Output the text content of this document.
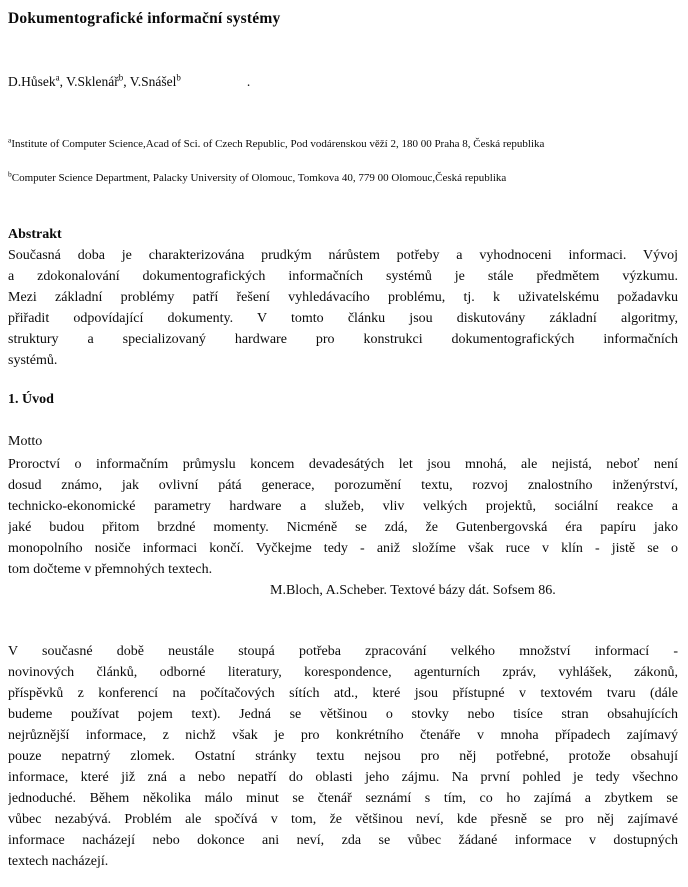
Dokumentografické informační systémy

D.Hůsek$^a$, V.Sklenář$^b$, V.Snášel$^b$	.

$^a$Institute of Computer Science,Acad of Sci. of Czech Republic, Pod vodárenskou věží 2, 180 00 Praha 8, Česká republika

$^b$Computer Science Department, Palacky University of Olomouc, Tomkova 40, 779 00 Olomouc,Česká republika

Abstrakt
Současná doba je charakterizována prudkým nárůstem potřeby a vyhodnoceni informaci. Vývoj
a zdokonalování dokumentografických informačních systémů je stále předmětem výzkumu.
Mezi základní problémy patří řešení vyhledávacího problému, tj. k uživatelskému požadavku
přiřadit odpovídající dokumenty. V tomto článku jsou diskutovány základní algoritmy,
struktury a specializovaný hardware pro konstrukci dokumentografických informačních
systémů.
1. Úvod

Motto

Proroctví o informačním průmyslu koncem devadesátých let jsou mnohá, ale nejistá, neboť není
dosud známo, jak ovlivní pátá generace, porozumění textu, rozvoj znalostního inženýrství,
technicko-ekonomické parametry hardware a služeb, vliv velkých projektů, sociální reakce a
jaké budou přitom brzdné momenty. Nicméně se zdá, že Gutenbergovská éra papíru jako
monopolního nosiče informaci končí. Vyčkejme tedy - aniž složíme však ruce v klín - jistě se o
tom dočteme v přemnohých textech.

M.Bloch, A.Scheber. Textové bázy dát. Sofsem 86.

V současné době neustále stoupá potřeba zpracování velkého množství informací -
novinových článků, odborné literatury, korespondence, agenturních zpráv, vyhlášek, zákonů,
příspěvků z konferencí na počítačových sítích atd., které jsou přístupné v textovém tvaru (dále
budeme používat pojem text). Jedná se většinou o stovky nebo tisíce stran obsahujících
nejrůznější informace, z nichž však je pro konkrétního čtenáře v mnoha případech zajímavý
pouze nepatrný zlomek. Ostatní stránky textu nejsou pro něj potřebné, protože obsahují
informace, které již zná a nebo nepatří do oblasti jeho zájmu. Na první pohled je tedy všechno
jednoduché. Během několika málo minut se čtenář seznámí s tím, co ho zajímá a zbytkem se
vůbec nezabývá. Problém ale spočívá v tom, že většinou neví, kde přesně se pro něj zajímavé
informace nacházejí nebo dokonce ani neví, zda se vůbec žádané informace v dostupných
textech nacházejí.
